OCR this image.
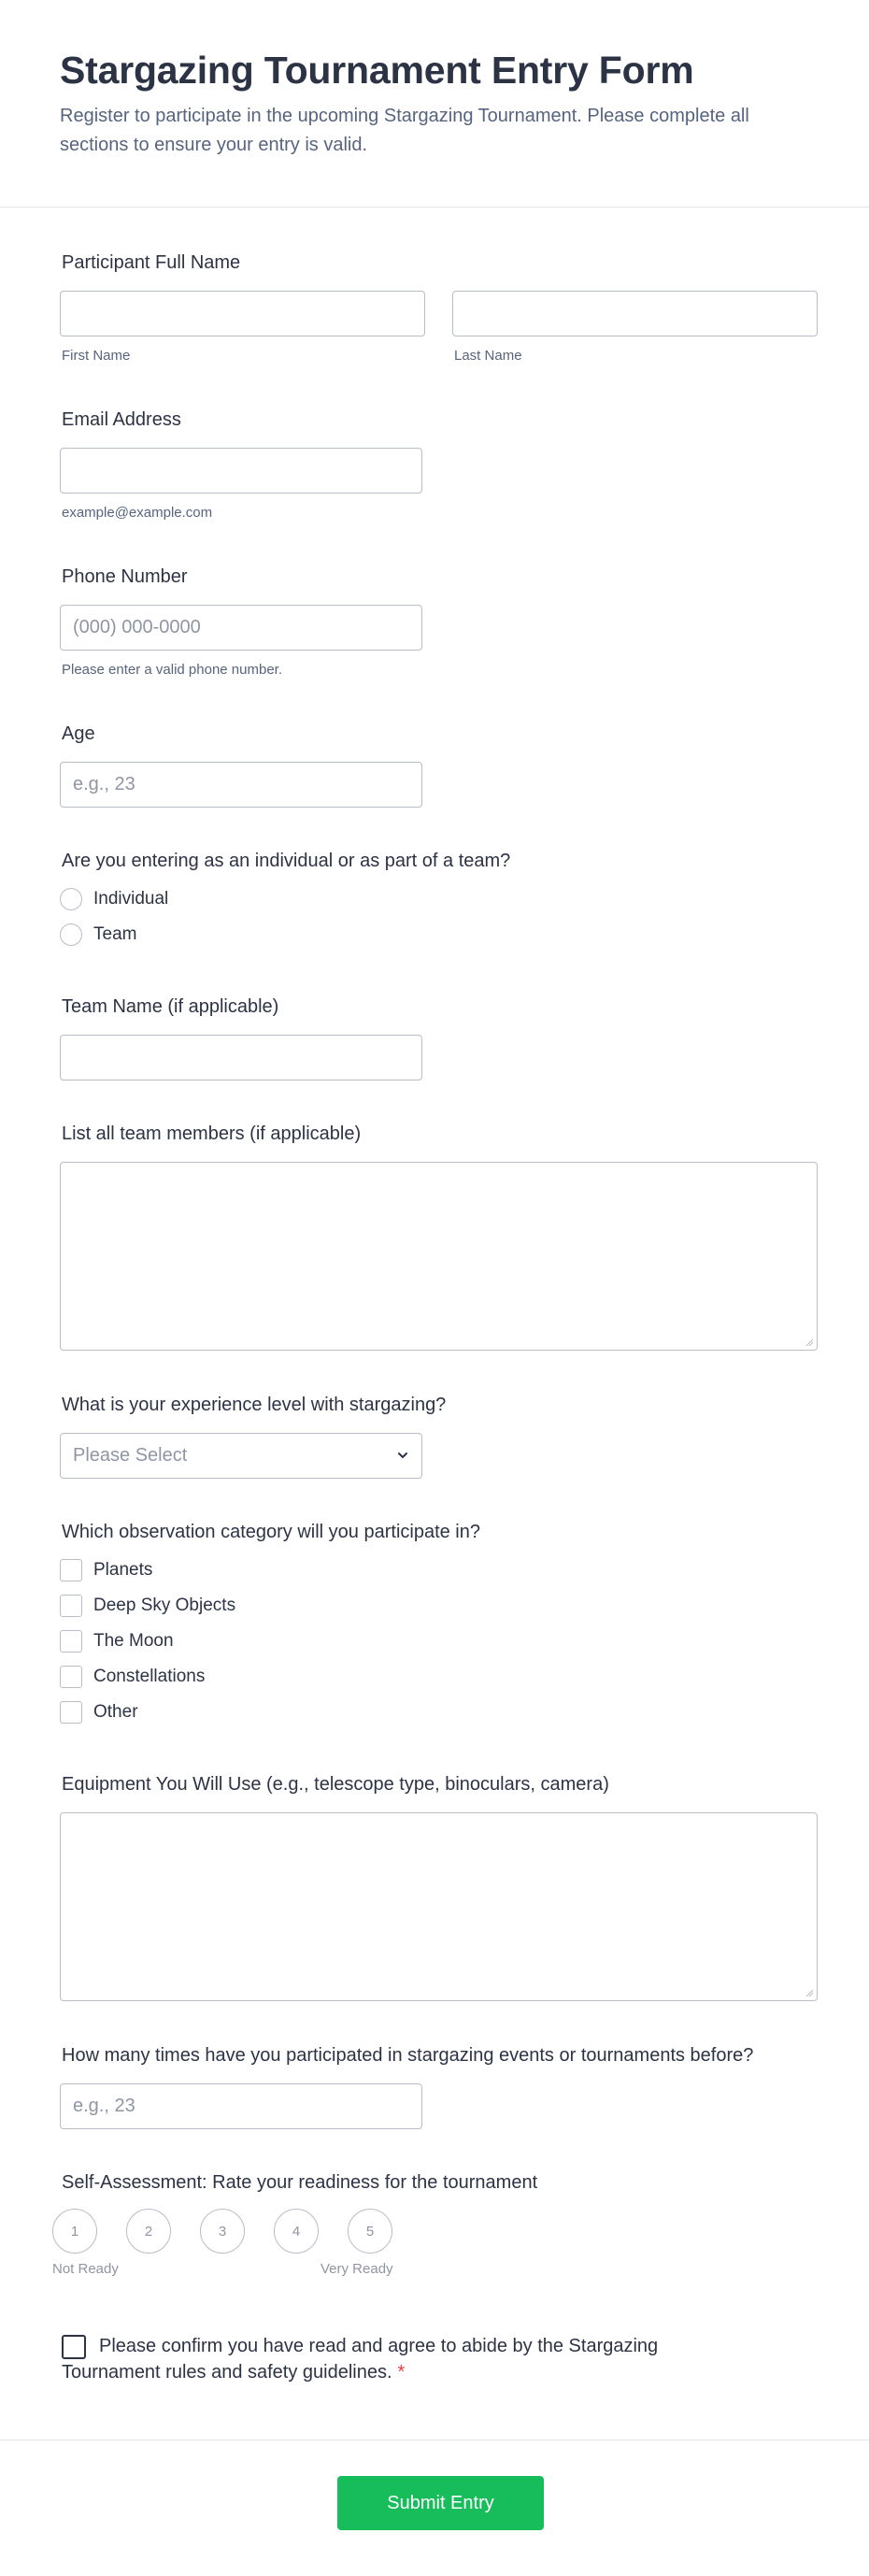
Stargazing Tournament Entry Form

Register to participate in the upcoming Stargazing Tournament. Please complete all sections to ensure your entry is valid.

Participant Full Name
First Name	Last Name
Email Address
example@example.com
Phone Number
(000) 000-0000
Please enter a valid phone number.
Age
e.g., 23
Are you entering as an individual or as part of a team?
Individual
Team
Team Name (if applicable)
List all team members (if applicable)
What is your experience level with stargazing?
Please Select
Which observation category will you participate in?
Planets
Deep Sky Objects
The Moon
Constellations
Other
Equipment You Will Use (e.g., telescope type, binoculars, camera)
How many times have you participated in stargazing events or tournaments before?
e.g., 23
Self-Assessment: Rate your readiness for the tournament
1	2	3	4	5
Not Ready	Very Ready
Please confirm you have read and agree to abide by the Stargazing Tournament rules and safety guidelines. *
Submit Entry
